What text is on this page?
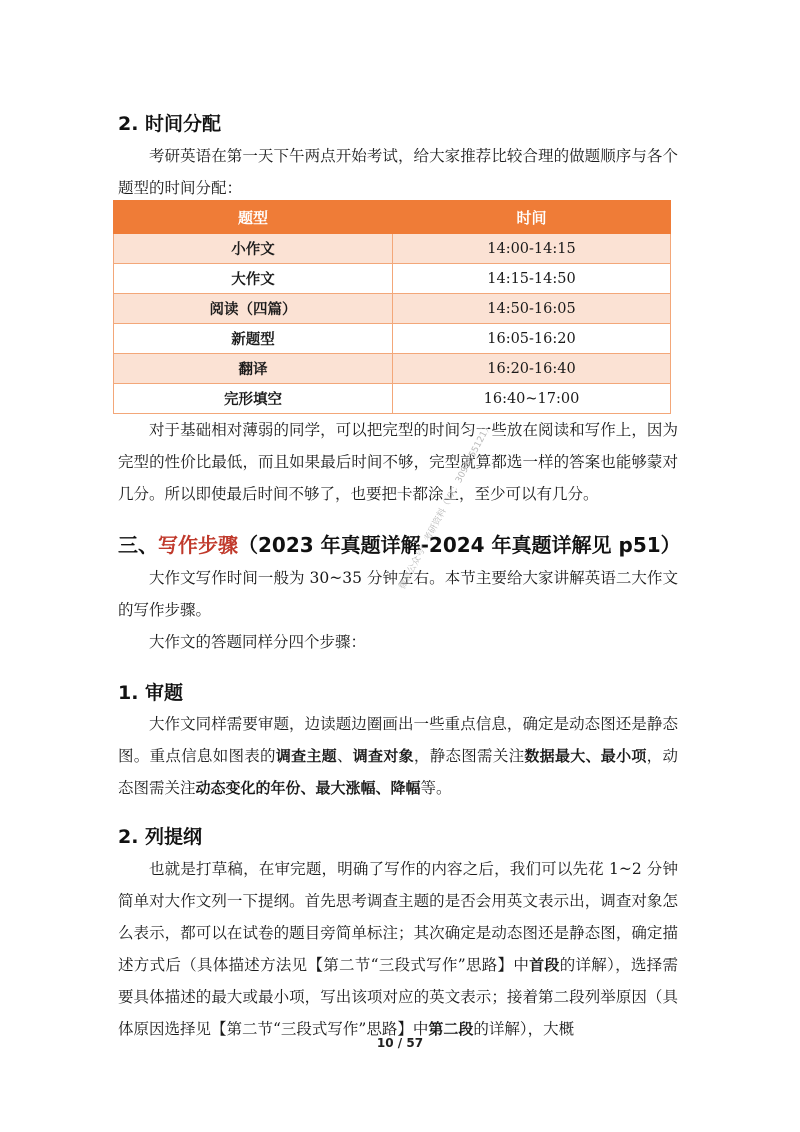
2. 时间分配

考研英语在第一天下午两点开始考试，给大家推荐比较合理的做题顺序与各个题型的时间分配：

题型	时间
小作文	14:00-14:15
大作文	14:15-14:50
阅读（四篇）	14:50-16:05
新题型	16:05-16:20
翻译	16:20-16:40
完形填空	16:40~17:00

对于基础相对薄弱的同学，可以把完型的时间匀一些放在阅读和写作上，因为完型的性价比最低，而且如果最后时间不够，完型就算都选一样的答案也能够蒙对几分。所以即使最后时间不够了，也要把卡都涂上，至少可以有几分。

三、写作步骤（2023 年真题详解-2024 年真题详解见 p51）

大作文写作时间一般为 30~35 分钟左右。本节主要给大家讲解英语二大作文的写作步骤。

大作文的答题同样分四个步骤：

1. 审题

大作文同样需要审题，边读题边圈画出一些重点信息，确定是动态图还是静态图。重点信息如图表的调查主题、调查对象，静态图需关注数据最大、最小项，动态图需关注动态变化的年份、最大涨幅、降幅等。

2. 列提纲

也就是打草稿，在审完题，明确了写作的内容之后，我们可以先花 1~2 分钟简单对大作文列一下提纲。首先思考调查主题的是否会用英文表示出，调查对象怎么表示，都可以在试卷的题目旁简单标注；其次确定是动态图还是静态图，确定描述方式后（具体描述方法见【第二节“三段式写作”思路】中首段的详解），选择需要具体描述的最大或最小项，写出该项对应的英文表示；接着第二段列举原因（具体原因选择见【第二节“三段式写作”思路】中第二段的详解），大概

微信公众号：考研资料（VX：3098655121）
10 / 57
